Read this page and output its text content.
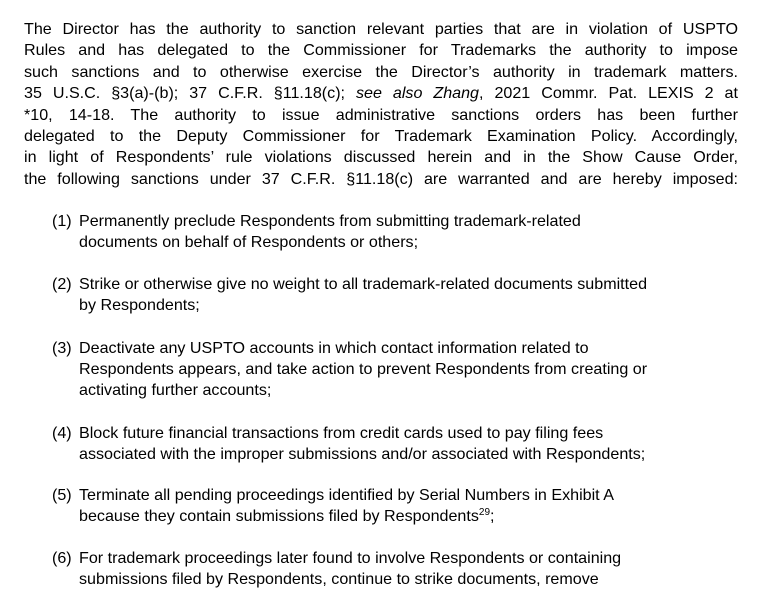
The Director has the authority to sanction relevant parties that are in violation of USPTO
Rules and has delegated to the Commissioner for Trademarks the authority to impose
such sanctions and to otherwise exercise the Director’s authority in trademark matters.
35 U.S.C. §3(a)-(b); 37 C.F.R. §11.18(c); see also Zhang, 2021 Commr. Pat. LEXIS 2 at
*10, 14-18. The authority to issue administrative sanctions orders has been further
delegated to the Deputy Commissioner for Trademark Examination Policy. Accordingly,
in light of Respondents’ rule violations discussed herein and in the Show Cause Order,
the following sanctions under 37 C.F.R. §11.18(c) are warranted and are hereby imposed:
(1) Permanently preclude Respondents from submitting trademark-related
documents on behalf of Respondents or others;
(2) Strike or otherwise give no weight to all trademark-related documents submitted
by Respondents;
(3) Deactivate any USPTO accounts in which contact information related to
Respondents appears, and take action to prevent Respondents from creating or
activating further accounts;
(4) Block future financial transactions from credit cards used to pay filing fees
associated with the improper submissions and/or associated with Respondents;
(5) Terminate all pending proceedings identified by Serial Numbers in Exhibit A
because they contain submissions filed by Respondents$^{29}$;
(6) For trademark proceedings later found to involve Respondents or containing
submissions filed by Respondents, continue to strike documents, remove
